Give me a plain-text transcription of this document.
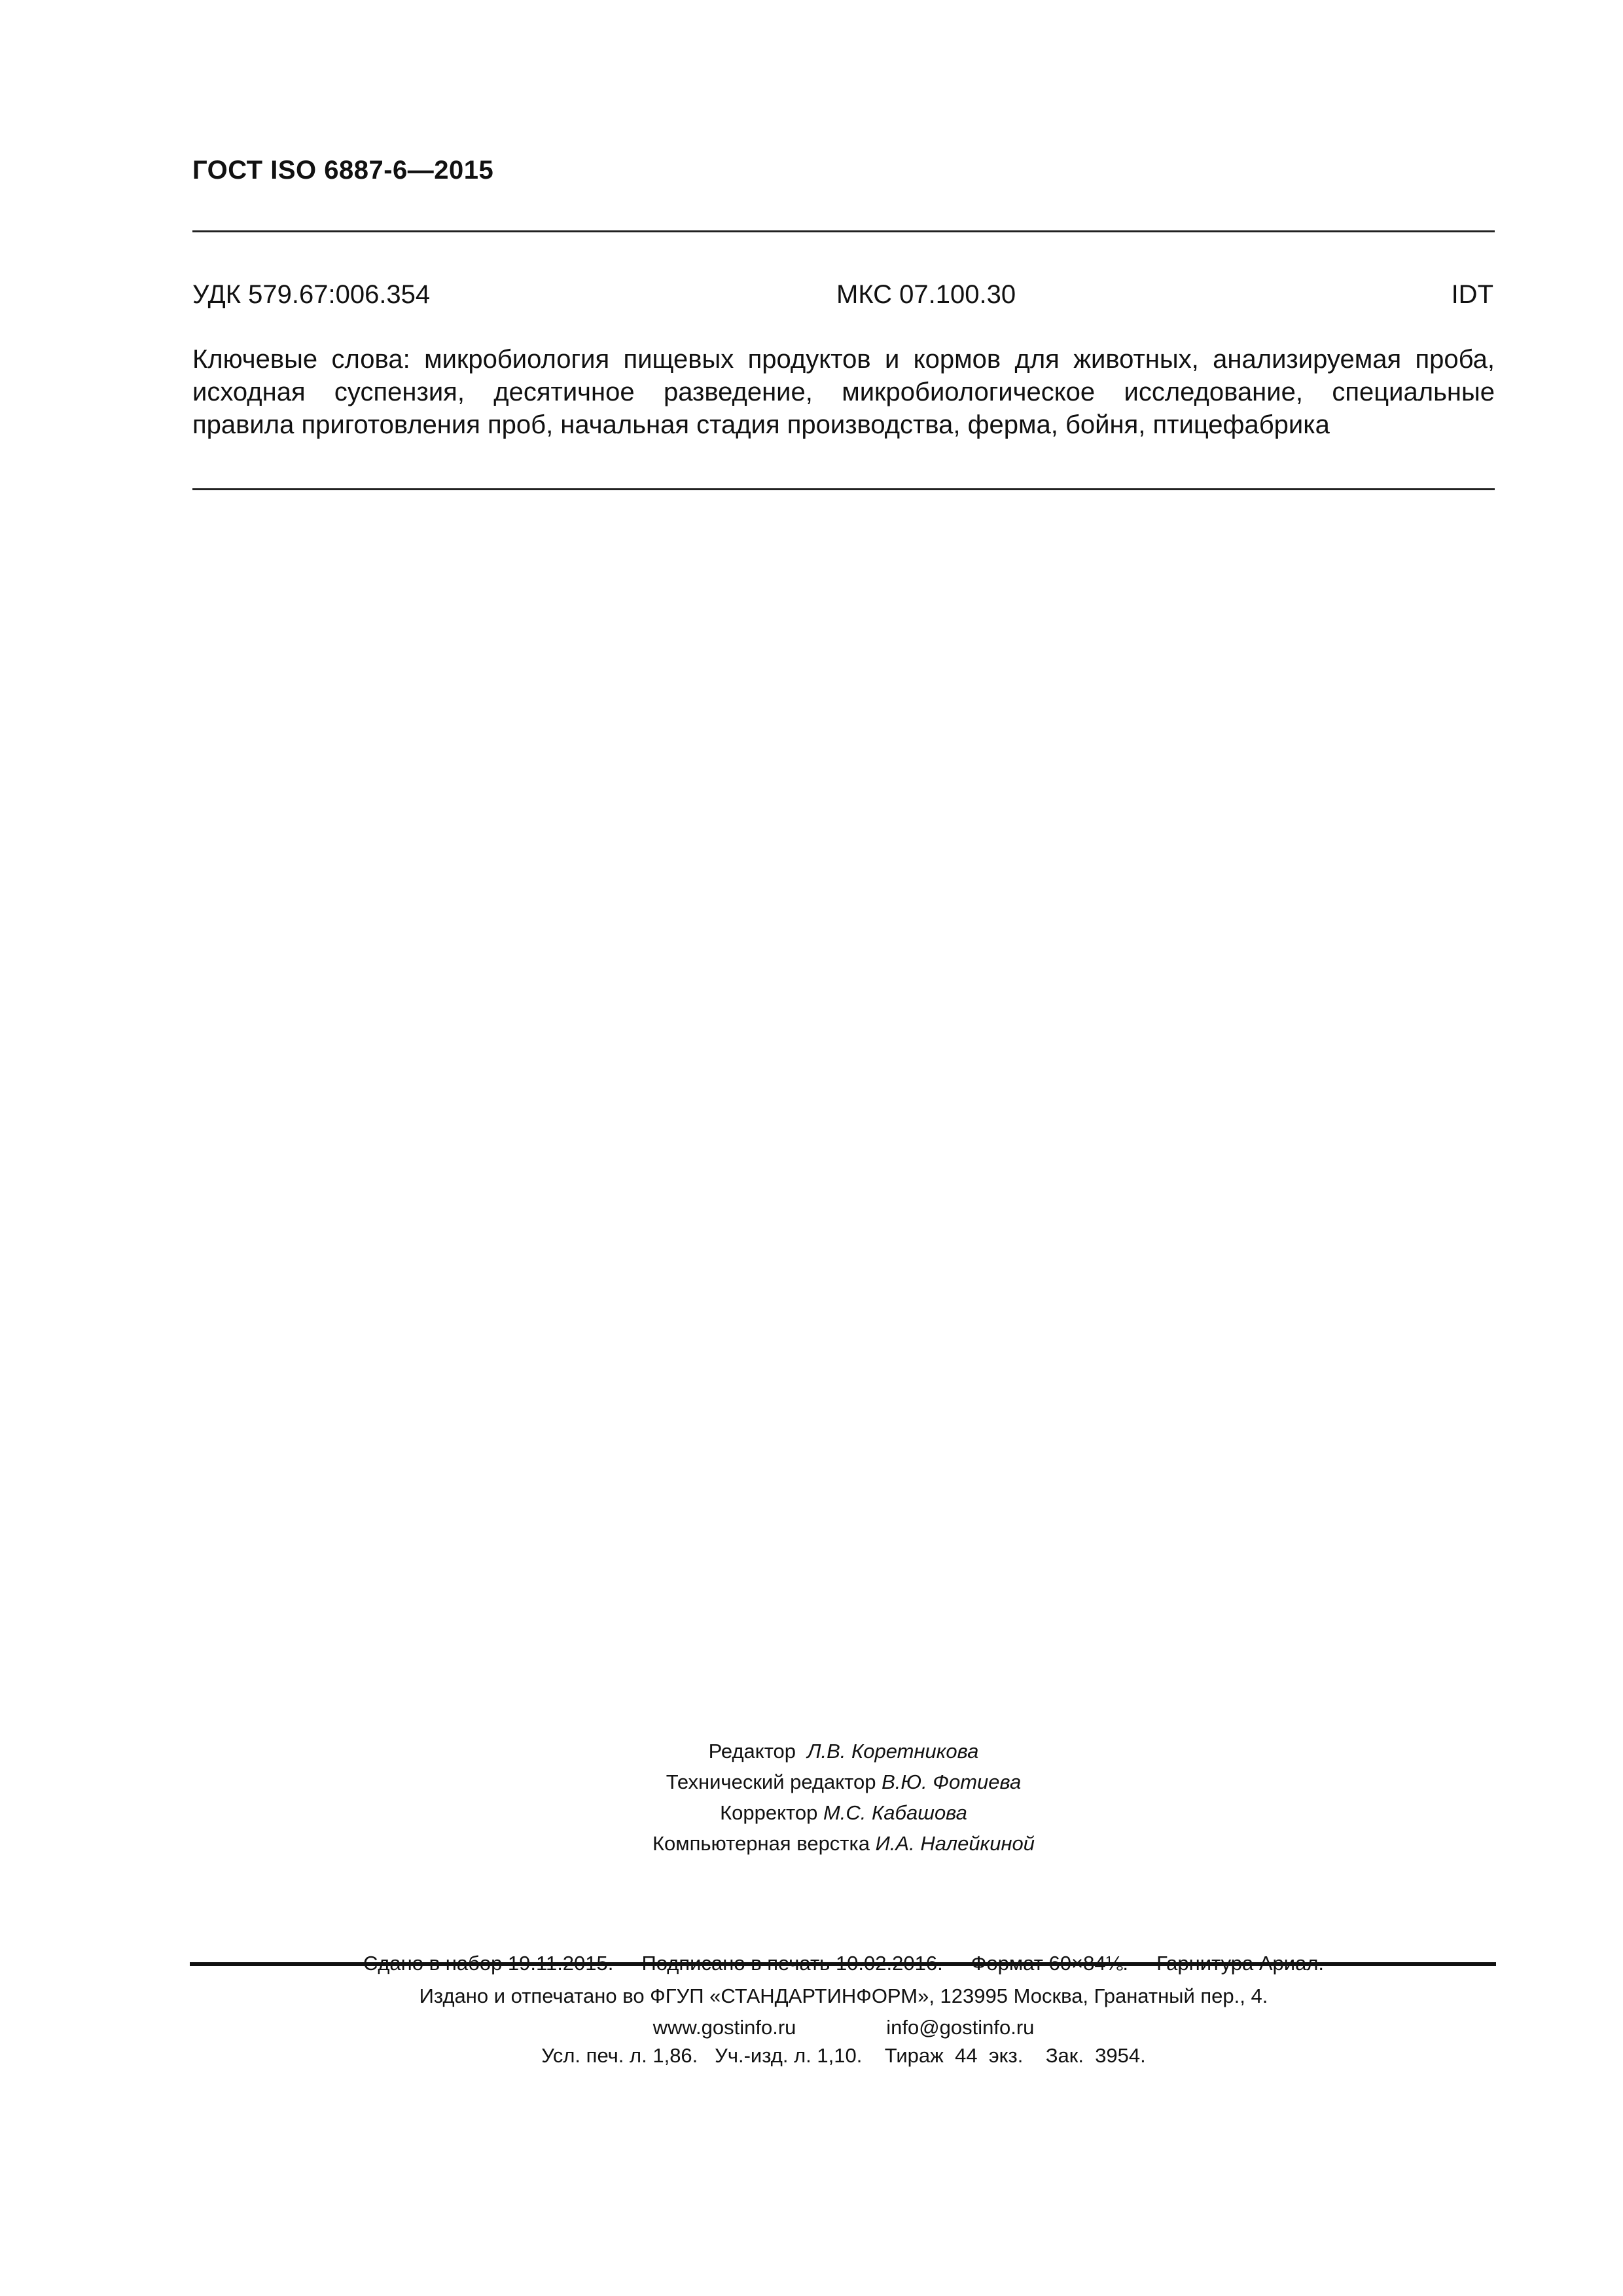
ГОСТ ISO 6887-6—2015
УДК 579.67:006.354	МКС 07.100.30	IDT
Ключевые слова: микробиология пищевых продуктов и кормов для животных, анализируемая проба,
исходная суспензия, десятичное разведение, микробиологическое исследование, специальные
правила приготовления проб, начальная стадия производства, ферма, бойня, птицефабрика
Редактор Л.В. Коретникова
Технический редактор В.Ю. Фотиева
Корректор М.С. Кабашова
Компьютерная верстка И.А. Налейкиной

Усл. печ. л. 1,86.   Уч.-изд. л. 1,10.    Тираж  44  экз.    Зак.  3954.

Издано и отпечатано во ФГУП «СТАНДАРТИНФОРМ», 123995 Москва, Гранатный пер., 4.
www.gostinfo.ru	info@gostinfo.ru
